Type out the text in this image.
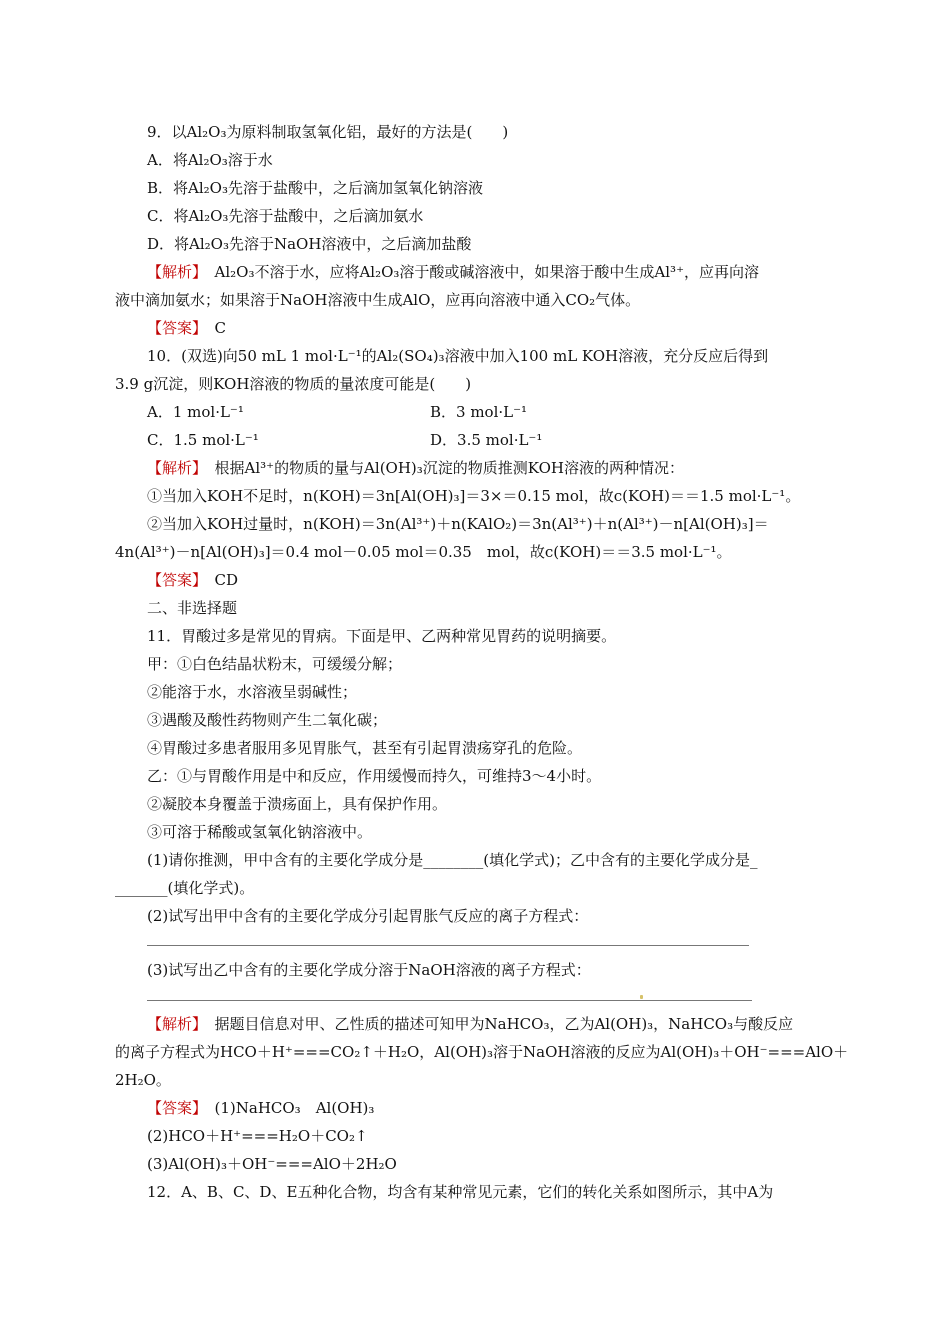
9．以Al₂O₃为原料制取氢氧化铝，最好的方法是(　　)
A．将Al₂O₃溶于水
B．将Al₂O₃先溶于盐酸中，之后滴加氢氧化钠溶液
C．将Al₂O₃先溶于盐酸中，之后滴加氨水
D．将Al₂O₃先溶于NaOH溶液中，之后滴加盐酸
【解析】　Al₂O₃不溶于水，应将Al₂O₃溶于酸或碱溶液中，如果溶于酸中生成Al³⁺，应再向溶
液中滴加氨水；如果溶于NaOH溶液中生成AlO，应再向溶液中通入CO₂气体。
【答案】　C
10．(双选)向50 mL 1 mol·L⁻¹的Al₂(SO₄)₃溶液中加入100 mL KOH溶液，充分反应后得到
3.9 g沉淀，则KOH溶液的物质的量浓度可能是(　　)
A．1 mol·L⁻¹	B．3 mol·L⁻¹
C．1.5 mol·L⁻¹	D．3.5 mol·L⁻¹
【解析】　根据Al³⁺的物质的量与Al(OH)₃沉淀的物质推测KOH溶液的两种情况：
①当加入KOH不足时，n(KOH)＝3n[Al(OH)₃]＝3×＝0.15 mol，故c(KOH)＝＝1.5 mol·L⁻¹。
②当加入KOH过量时，n(KOH)＝3n(Al³⁺)＋n(KAlO₂)＝3n(Al³⁺)＋n(Al³⁺)－n[Al(OH)₃]＝
4n(Al³⁺)－n[Al(OH)₃]＝0.4 mol－0.05 mol＝0.35　mol，故c(KOH)＝＝3.5 mol·L⁻¹。
【答案】　CD
二、非选择题
11．胃酸过多是常见的胃病。下面是甲、乙两种常见胃药的说明摘要。
甲：①白色结晶状粉末，可缓缓分解；
②能溶于水，水溶液呈弱碱性；
③遇酸及酸性药物则产生二氧化碳；
④胃酸过多患者服用多见胃胀气，甚至有引起胃溃疡穿孔的危险。
乙：①与胃酸作用是中和反应，作用缓慢而持久，可维持3～4小时。
②凝胶本身覆盖于溃疡面上，具有保护作用。
③可溶于稀酸或氢氧化钠溶液中。
(1)请你推测，甲中含有的主要化学成分是________(填化学式)；乙中含有的主要化学成分是_
_______(填化学式)。
(2)试写出甲中含有的主要化学成分引起胃胀气反应的离子方程式：
(3)试写出乙中含有的主要化学成分溶于NaOH溶液的离子方程式：
【解析】　据题目信息对甲、乙性质的描述可知甲为NaHCO₃，乙为Al(OH)₃，NaHCO₃与酸反应
的离子方程式为HCO＋H⁺===CO₂↑＋H₂O，Al(OH)₃溶于NaOH溶液的反应为Al(OH)₃＋OH⁻===AlO＋
2H₂O。
【答案】　(1)NaHCO₃　Al(OH)₃
(2)HCO＋H⁺===H₂O＋CO₂↑
(3)Al(OH)₃＋OH⁻===AlO＋2H₂O
12．A、B、C、D、E五种化合物，均含有某种常见元素，它们的转化关系如图所示，其中A为
